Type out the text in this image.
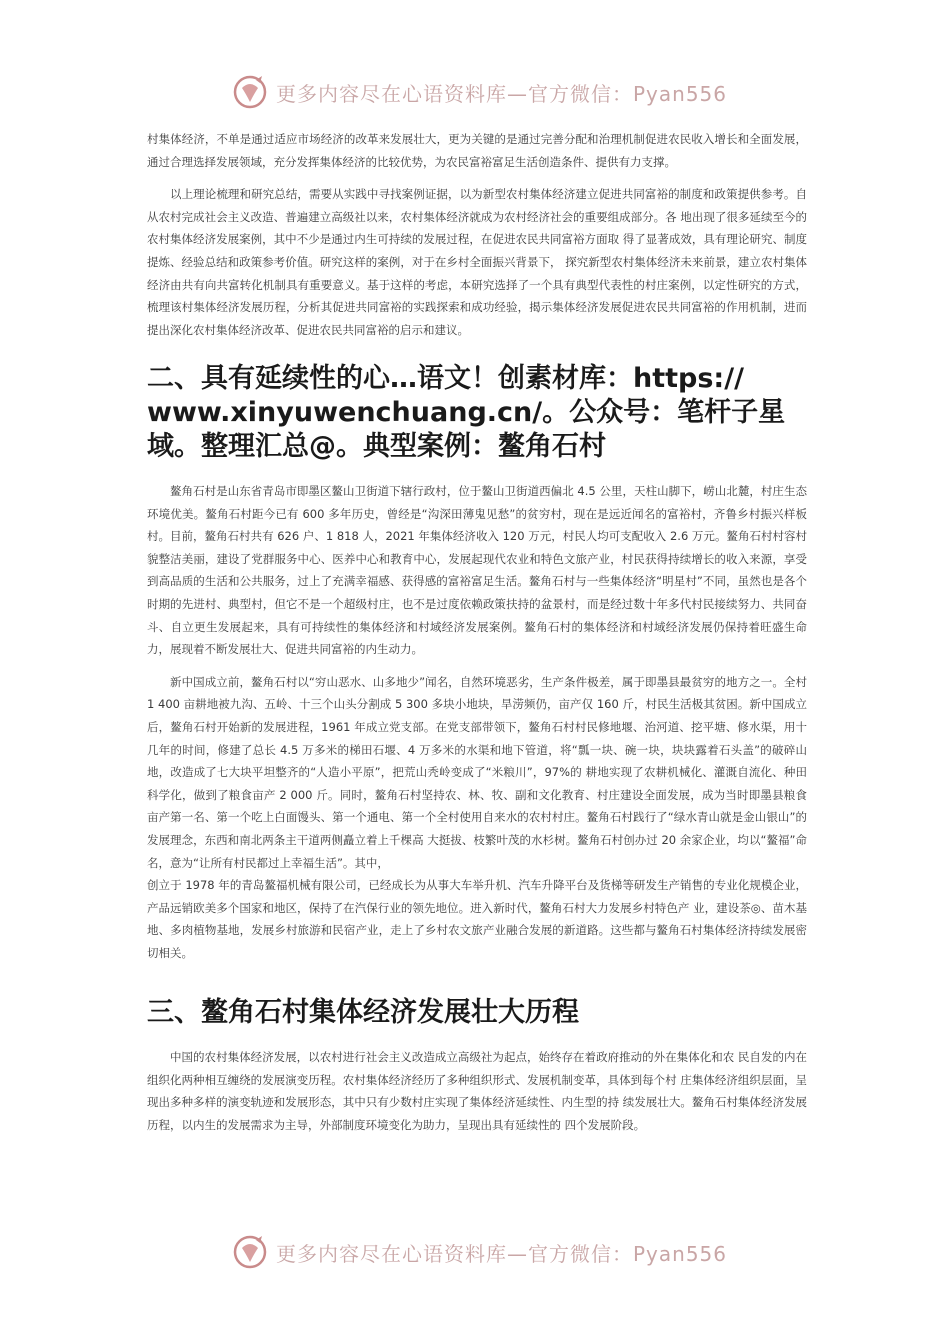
更多内容尽在心语资料库—官方微信：Pyan556

村集体经济，不单是通过适应市场经济的改革来发展壮大，更为关键的是通过完善分配和治理机制促进农民收入增长和全面发展，通过合理选择发展领域，充分发挥集体经济的比较优势，为农民富裕富足生活创造条件、提供有力支撑。

以上理论梳理和研究总结，需要从实践中寻找案例证据，以为新型农村集体经济建立促进共同富裕的制度和政策提供参考。自从农村完成社会主义改造、普遍建立高级社以来，农村集体经济就成为农村经济社会的重要组成部分。各 地出现了很多延续至今的农村集体经济发展案例，其中不少是通过内生可持续的发展过程，在促进农民共同富裕方面取 得了显著成效，具有理论研究、制度提炼、经验总结和政策参考价值。研究这样的案例，对于在乡村全面振兴背景下， 探究新型农村集体经济未来前景，建立农村集体经济由共有向共富转化机制具有重要意义。基于这样的考虑，本研究选择了一个具有典型代表性的村庄案例，以定性研究的方式，梳理该村集体经济发展历程，分析其促进共同富裕的实践探索和成功经验，揭示集体经济发展促进农民共同富裕的作用机制，进而提出深化农村集体经济改革、促进农民共同富裕的启示和建议。

二、具有延续性的心…语文！创素材库：https:// www.xinyuwenchuang.cn/。公众号：笔杆子星域。整理汇总@。典型案例：鳌角石村

鳌角石村是山东省青岛市即墨区鳌山卫街道下辖行政村，位于鳌山卫街道西偏北 4.5 公里，天柱山脚下，崂山北麓，村庄生态环境优美。鳌角石村距今已有 600 多年历史，曾经是“沟深田薄鬼见愁”的贫穷村，现在是远近闻名的富裕村，齐鲁乡村振兴样板村。目前，鳌角石村共有 626 户、1 818 人，2021 年集体经济收入 120 万元，村民人均可支配收入 2.6 万元。鳌角石村村容村貌整洁美丽，建设了党群服务中心、医养中心和教育中心，发展起现代农业和特色文旅产业，村民获得持续增长的收入来源，享受到高品质的生活和公共服务，过上了充满幸福感、获得感的富裕富足生活。鳌角石村与一些集体经济“明星村”不同，虽然也是各个时期的先进村、典型村，但它不是一个超级村庄，也不是过度依赖政策扶持的盆景村，而是经过数十年多代村民接续努力、共同奋斗、自立更生发展起来，具有可持续性的集体经济和村域经济发展案例。鳌角石村的集体经济和村域经济发展仍保持着旺盛生命力，展现着不断发展壮大、促进共同富裕的内生动力。

新中国成立前，鳌角石村以“穷山恶水、山多地少”闻名，自然环境恶劣，生产条件极差，属于即墨县最贫穷的地方之一。全村 1 400 亩耕地被九沟、五岭、十三个山头分割成 5 300 多块小地块，旱涝频仍，亩产仅 160 斤，村民生活极其贫困。新中国成立后，鳌角石村开始新的发展进程，1961 年成立党支部。在党支部带领下，鳌角石村村民修地堰、治河道、挖平塘、修水渠，用十几年的时间，修建了总长 4.5 万多米的梯田石堰、4 万多米的水渠和地下管道，将“瓢一块、碗一块，块块露着石头盖”的破碎山地，改造成了七大块平坦整齐的“人造小平原”，把荒山秃岭变成了“米粮川”，97%的 耕地实现了农耕机械化、灌溉自流化、种田科学化，做到了粮食亩产 2 000 斤。同时，鳌角石村坚持农、林、牧、副和文化教育、村庄建设全面发展，成为当时即墨县粮食亩产第一名、第一个吃上白面馒头、第一个通电、第一个全村使用自来水的农村村庄。鳌角石村践行了“绿水青山就是金山银山”的发展理念，东西和南北两条主干道两侧矗立着上千棵高 大挺拔、枝繁叶茂的水杉树。鳌角石村创办过 20 余家企业，均以“鳌福”命名，意为“让所有村民都过上幸福生活”。其中，

创立于 1978 年的青岛鳌福机械有限公司，已经成长为从事大车举升机、汽车升降平台及货梯等研发生产销售的专业化规模企业，产品远销欧美多个国家和地区，保持了在汽保行业的领先地位。进入新时代，鳌角石村大力发展乡村特色产 业，建设茶◎、苗木基地、多肉植物基地，发展乡村旅游和民宿产业，走上了乡村农文旅产业融合发展的新道路。这些都与鳌角石村集体经济持续发展密切相关。

三、鳌角石村集体经济发展壮大历程

中国的农村集体经济发展，以农村进行社会主义改造成立高级社为起点，始终存在着政府推动的外在集体化和农 民自发的内在组织化两种相互缠绕的发展演变历程。农村集体经济经历了多种组织形式、发展机制变革，具体到每个村 庄集体经济组织层面，呈现出多种多样的演变轨迹和发展形态，其中只有少数村庄实现了集体经济延续性、内生型的持 续发展壮大。鳌角石村集体经济发展历程，以内生的发展需求为主导，外部制度环境变化为助力，呈现出具有延续性的 四个发展阶段。

更多内容尽在心语资料库—官方微信：Pyan556
